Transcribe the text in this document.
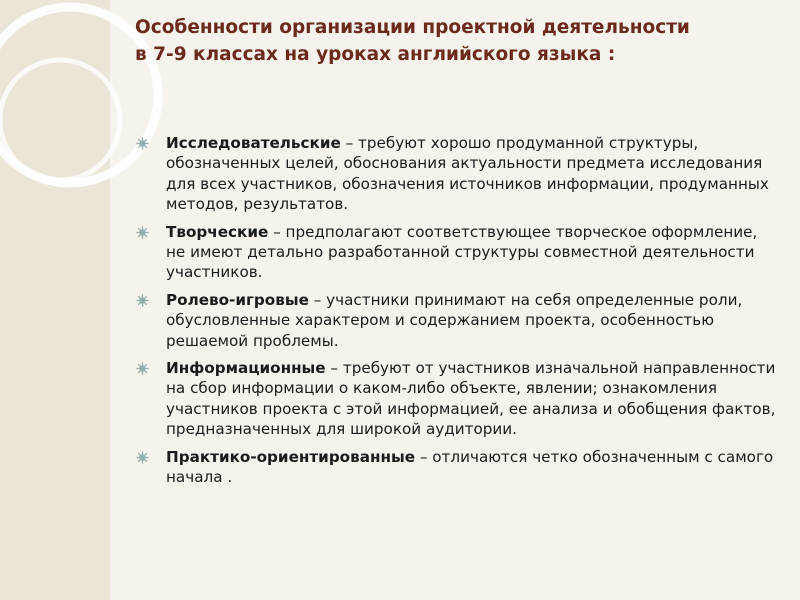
Особенности организации проектной деятельности в 7-9 классах на уроках английского языка :
Исследовательские – требуют хорошо продуманной структуры, обозначенных целей, обоснования актуальности предмета исследования для всех участников, обозначения источников информации, продуманных методов, результатов.
Творческие – предполагают соответствующее творческое оформление, не имеют детально разработанной структуры совместной деятельности участников.
Ролево-игровые – участники принимают на себя определенные роли, обусловленные характером и содержанием проекта, особенностью решаемой проблемы.
Информационные – требуют от участников изначальной направленности на сбор информации о каком-либо объекте, явлении; ознакомления участников проекта с этой информацией, ее анализа и обобщения фактов, предназначенных для широкой аудитории.
Практико-ориентированные – отличаются четко обозначенным с самого начала .
